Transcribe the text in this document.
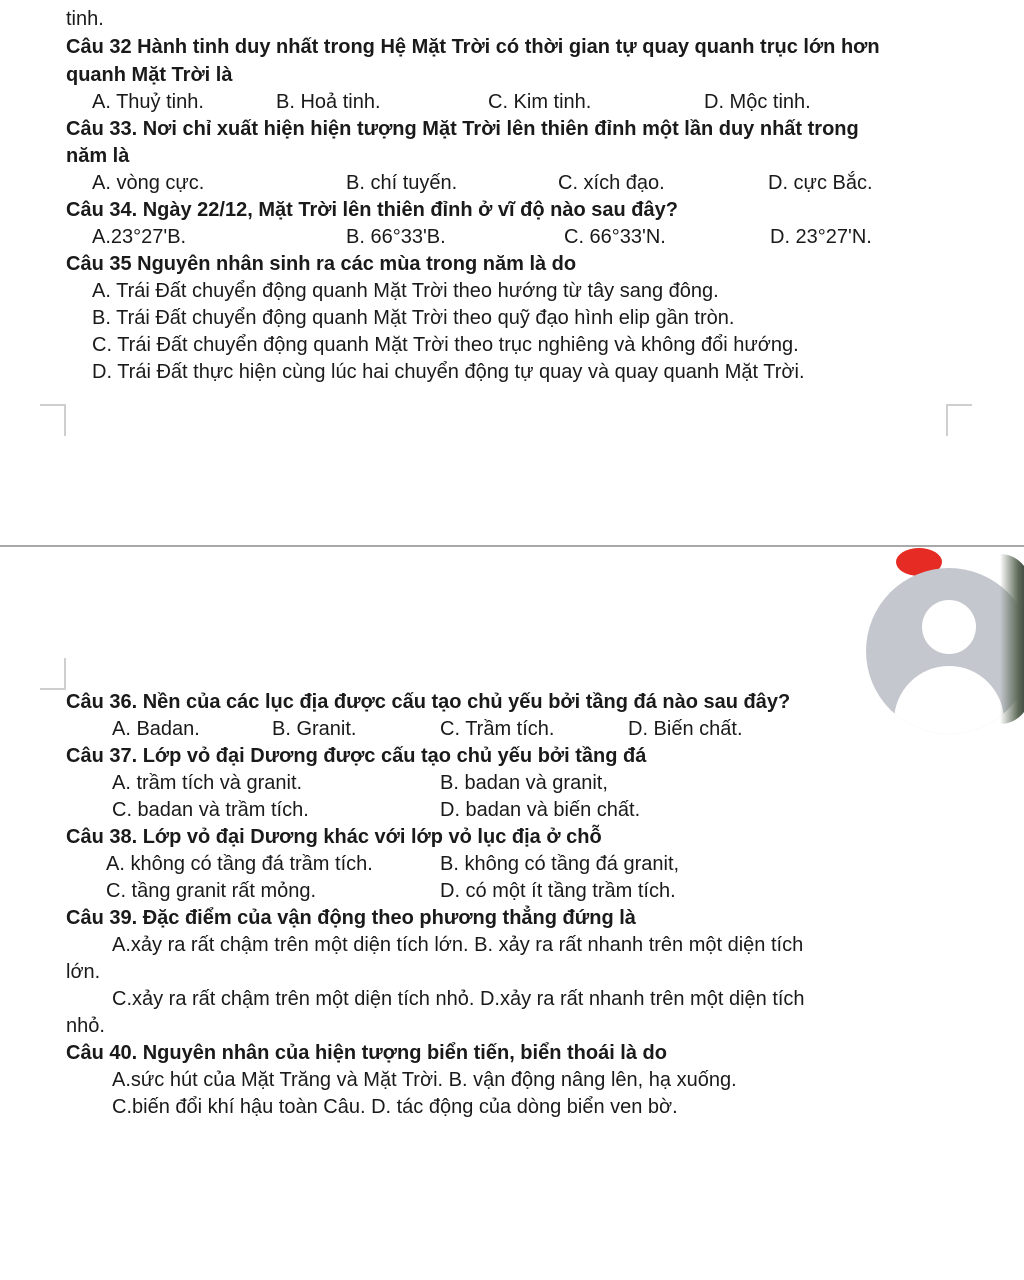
tinh.
Câu 32 Hành tinh duy nhất trong Hệ Mặt Trời có thời gian tự quay quanh trục lớn hơn
quanh Mặt Trời là
A. Thuỷ tinh.	B. Hoả tinh.	C. Kim tinh.	D. Mộc tinh.
Câu 33. Nơi chỉ xuất hiện hiện tượng Mặt Trời lên thiên đỉnh một lần duy nhất trong
năm là
A. vòng cực.	B. chí tuyến.	C. xích đạo.	D. cực Bắc.
Câu 34. Ngày 22/12, Mặt Trời lên thiên đỉnh ở vĩ độ nào sau đây?
A.23°27'B.	B. 66°33'B.	C. 66°33'N.	D. 23°27'N.
Câu 35 Nguyên nhân sinh ra các mùa trong năm là do
A. Trái Đất chuyển động quanh Mặt Trời theo hướng từ tây sang đông.
B. Trái Đất chuyển động quanh Mặt Trời theo quỹ đạo hình elip gần tròn.
C. Trái Đất chuyển động quanh Mặt Trời theo trục nghiêng và không đổi hướng.
D. Trái Đất thực hiện cùng lúc hai chuyển động tự quay và quay quanh Mặt Trời.
Câu 36. Nền của các lục địa được cấu tạo chủ yếu bởi tầng đá nào sau đây?
A. Badan.	B. Granit.	C. Trầm tích.	D. Biến chất.
Câu 37. Lớp vỏ đại Dương được cấu tạo chủ yếu bởi tầng đá
A. trầm tích và granit.	B. badan và granit,
C. badan và trầm tích.	D. badan và biến chất.
Câu 38. Lớp vỏ đại Dương khác với lớp vỏ lục địa ở chỗ
A. không có tầng đá trầm tích.	B. không có tầng đá granit,
C. tầng granit rất mỏng.	D. có một ít tầng trầm tích.
Câu 39. Đặc điểm của vận động theo phương thẳng đứng là
A.xảy ra rất chậm trên một diện tích lớn. B. xảy ra rất nhanh trên một diện tích
lớn.
C.xảy ra rất chậm trên một diện tích nhỏ. D.xảy ra rất nhanh trên một diện tích
nhỏ.
Câu 40. Nguyên nhân của hiện tượng biển tiến, biển thoái là do
A.sức hút của Mặt Trăng và Mặt Trời. B. vận động nâng lên, hạ xuống.
C.biến đổi khí hậu toàn Câu. D. tác động của dòng biển ven bờ.
